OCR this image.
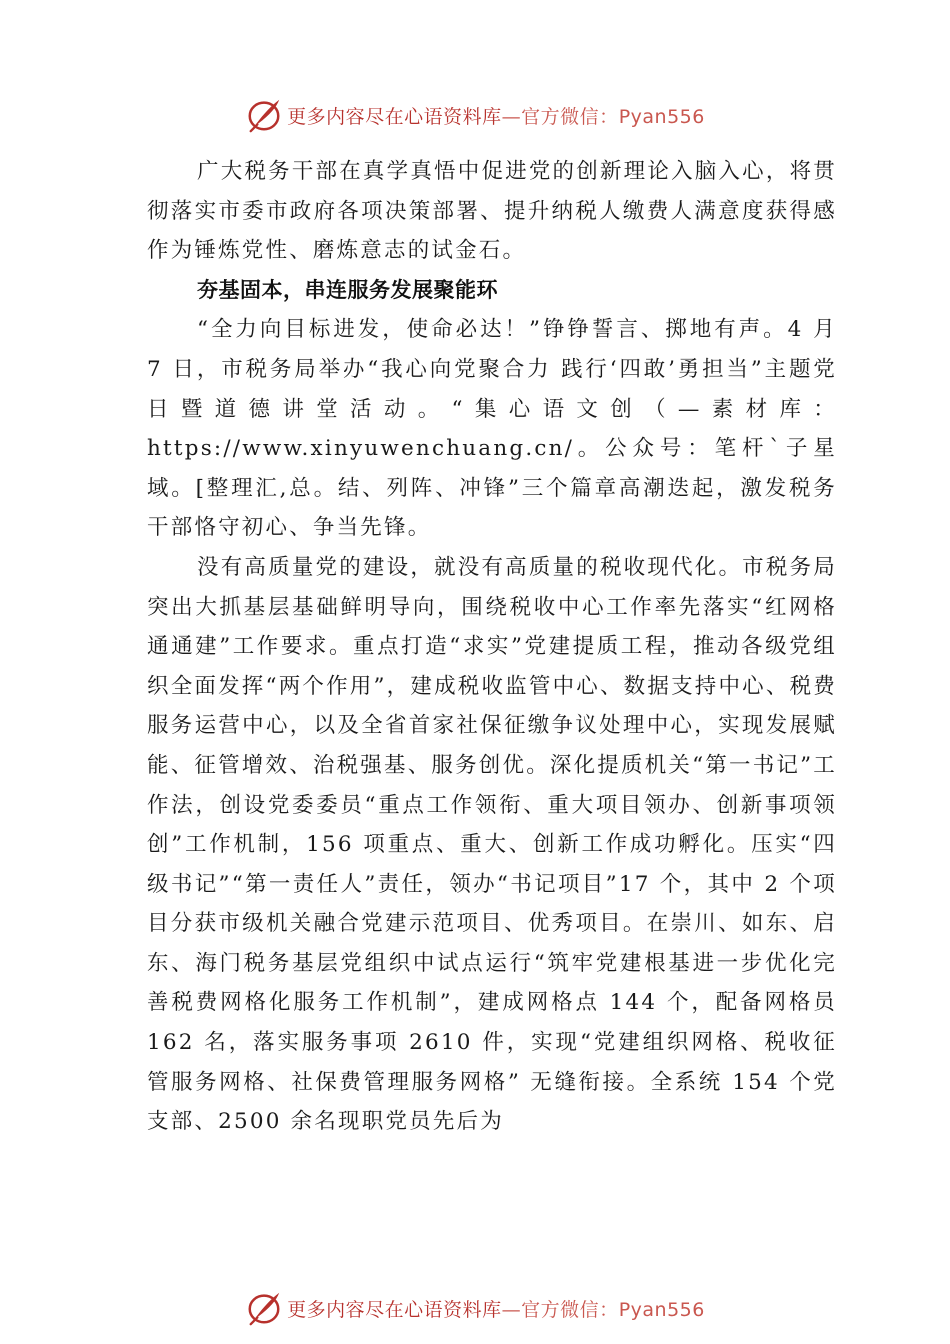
更多内容尽在心语资料库—官方微信：Pyan556

广大税务干部在真学真悟中促进党的创新理论入脑入心，将贯彻落实市委市政府各项决策部署、提升纳税人缴费人满意度获得感作为锤炼党性、磨炼意志的试金石。

夯基固本，串连服务发展聚能环

“全力向目标进发，使命必达！”铮铮誓言、掷地有声。4 月 7 日，市税务局举办“我心向党聚合力 践行‘四敢’勇担当”主题党日暨道德讲堂活动。“集心语文创（—素材库：https://www.xinyuwenchuang.cn/。公众号：笔杆`子星域。[整理汇,总。结、列阵、冲锋”三个篇章高潮迭起，激发税务干部恪守初心、争当先锋。

没有高质量党的建设，就没有高质量的税收现代化。市税务局突出大抓基层基础鲜明导向，围绕税收中心工作率先落实“红网格 通通建”工作要求。重点打造“求实”党建提质工程，推动各级党组织全面发挥“两个作用”，建成税收监管中心、数据支持中心、税费服务运营中心，以及全省首家社保征缴争议处理中心，实现发展赋能、征管增效、治税强基、服务创优。深化提质机关“第一书记”工作法，创设党委委员“重点工作领衔、重大项目领办、创新事项领创”工作机制，156 项重点、重大、创新工作成功孵化。压实“四级书记”“第一责任人”责任，领办“书记项目”17 个，其中 2 个项目分获市级机关融合党建示范项目、优秀项目。在崇川、如东、启东、海门税务基层党组织中试点运行“筑牢党建根基进一步优化完善税费网格化服务工作机制”，建成网格点 144 个，配备网格员 162 名，落实服务事项 2610 件，实现“党建组织网格、税收征管服务网格、社保费管理服务网格” 无缝衔接。全系统 154 个党支部、2500 余名现职党员先后为

更多内容尽在心语资料库—官方微信：Pyan556
